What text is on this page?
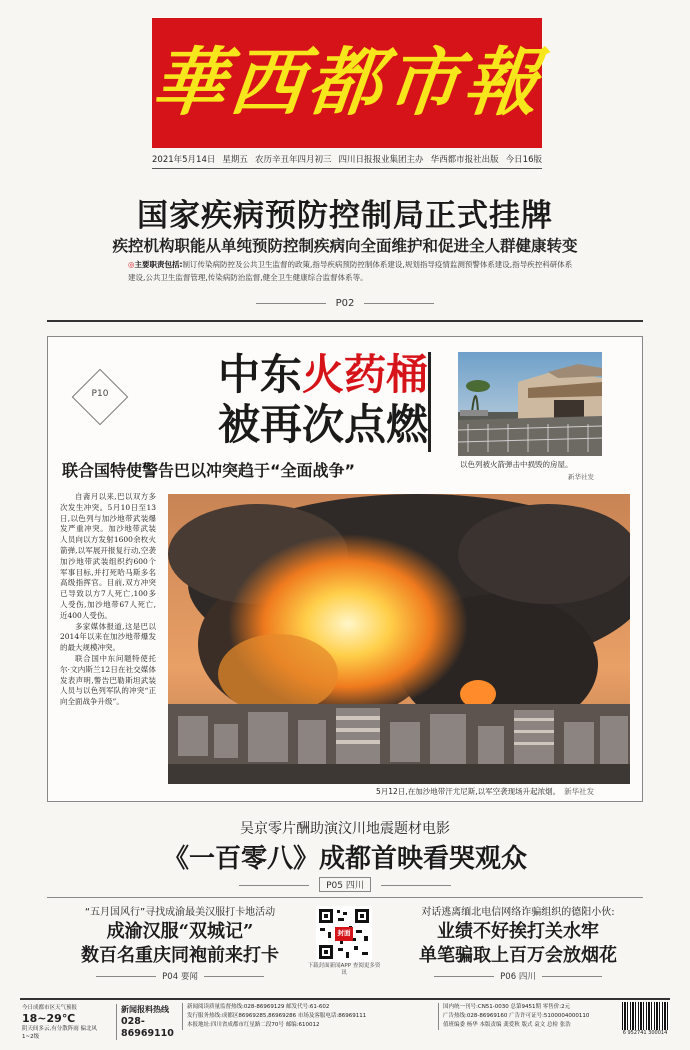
華西都市報
2021年5月14日 星期五 农历辛丑年四月初三 四川日报报业集团主办 华西都市报社出版 今日16版
国家疾病预防控制局正式挂牌
疾控机构职能从单纯预防控制疾病向全面维护和促进全人群健康转变
◎主要职责包括:制订传染病防控及公共卫生监督的政策,指导疾病预防控制体系建设,规划指导疫情监测预警体系建设,指导疾控科研体系建设,公共卫生监督管理,传染病防治监督,健全卫生健康综合监督体系等。
P02
P10	中东火药桶
被再次点燃
联合国特使警告巴以冲突趋于“全面战争”	以色列被火箭弹击中损毁的房屋。
新华社发

自斋月以来,巴以双方多次发生冲突。5月10日至13日,以色列与加沙地带武装爆发严重冲突。加沙地带武装人员向以方发射1600余枚火箭弹,以军展开报复行动,空袭加沙地带武装组织约600个军事目标,并打死哈马斯多名高级指挥官。目前,双方冲突已导致以方7人死亡,100多人受伤,加沙地带67人死亡,近400人受伤。

多家媒体报道,这是巴以2014年以来在加沙地带爆发的最大规模冲突。

联合国中东问题特使托尔·文内斯兰12日在社交媒体发表声明,警告巴勒斯坦武装人员与以色列军队的冲突“正向全面战争升级”。

5月12日,在加沙地带汗尤尼斯,以军空袭现场升起浓烟。 新华社发
吴京零片酬助演汶川地震题材电影
《一百零八》成都首映看哭观众
P05 四川
“五月国风行”寻找成渝最美汉服打卡地活动
成渝汉服“双城记”
数百名重庆同袍前来打卡
P04 要闻
封面
下载封面新闻APP 查阅更多资讯
对话逃离缅北电信网络诈骗组织的德阳小伙:
业绩不好挨打关水牢
单笔骗取上百万会放烟花
P06 四川
今日成都市区天气预报
18~29℃
阴天间多云,有分散阵雨 偏北风1~2级
新闻报料热线
028-86969110
新闻阅读质量监督热线:028-86969129 邮发代号:61-602
发行服务热线:成都区86969285,86969286 市场及客服电话:86969111
本报地址:四川省成都市红星路二段70号 邮编:610012
国内统一刊号:CN51-0030 总第9451期 零售价:2元
广告热线:028-86969160 广告许可证号:5100004000110
值班编委 杨华 本版责编 龚爱秋 版式 袁文 总检 张浩
6 952741 300014
